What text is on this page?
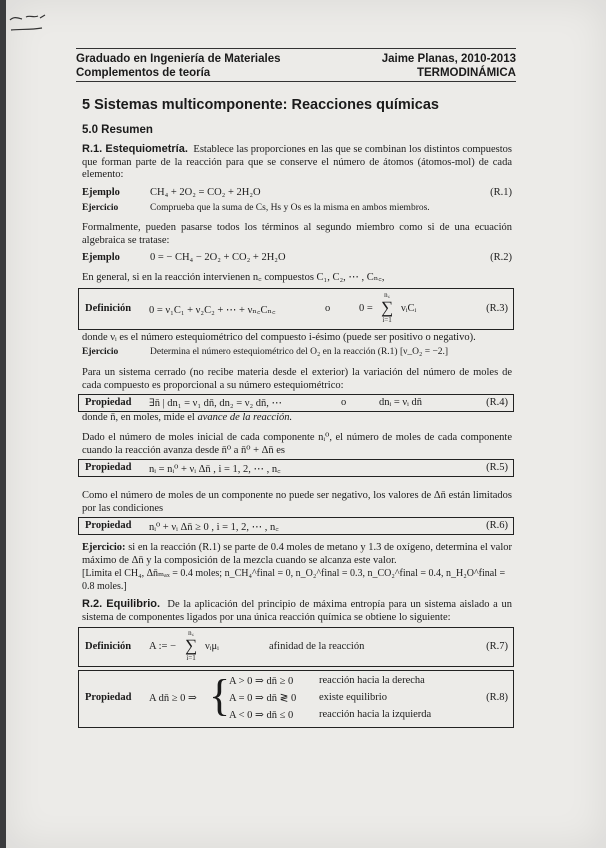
Graduado en Ingeniería de Materiales	Jaime Planas, 2010-2013
Complementos de teoría	TERMODINÁMICA
5 Sistemas multicomponente: Reacciones químicas
5.0 Resumen
R.1. Estequiometría. Establece las proporciones en las que se combinan los distintos compuestos que forman parte de la reacción para que se conserve el número de átomos (átomos-mol) de cada elemento:
Ejemplo	CH₄ + 2O₂ = CO₂ + 2H₂O	(R.1)
Ejercicio	Comprueba que la suma de Cs, Hs y Os es la misma en ambos miembros.
Formalmente, pueden pasarse todos los términos al segundo miembro como si de una ecuación algebraica se tratase:
Ejemplo	0 = − CH₄ − 2O₂ + CO₂ + 2H₂O	(R.2)
En general, si en la reacción intervienen n꜀ compuestos C₁, C₂, ⋯ , Cₙ꜀,
Definición 0 = ν₁C₁ + ν₂C₂ + ⋯ + νₙ꜀Cₙ꜀	o	0 =
n꜀
∑
i=1
νᵢCᵢ	(R.3)
donde νᵢ es el número estequiométrico del compuesto i-ésimo (puede ser positivo o negativo).
Ejercicio	Determina el número estequiométrico del O₂ en la reacción (R.1) [ν_O₂ = −2.]
Para un sistema cerrado (no recibe materia desde el exterior) la variación del número de moles de cada compuesto es proporcional a su número estequiométrico:
Propiedad ∃n̄ | dn₁ = ν₁ dn̄, dn₂ = ν₂ dn̄, ⋯	o	dnᵢ = νᵢ dn̄	(R.4)
donde n̄, en moles, mide el avance de la reacción.
Dado el número de moles inicial de cada componente nᵢ⁰, el número de moles de cada componente cuando la reacción avanza desde n̄⁰ a n̄⁰ + Δn̄ es
Propiedad nᵢ = nᵢ⁰ + νᵢ Δn̄ , i = 1, 2, ⋯ , n꜀	(R.5)
Como el número de moles de un componente no puede ser negativo, los valores de Δn̄ están limitados por las condiciones
Propiedad nᵢ⁰ + νᵢ Δn̄ ≥ 0 , i = 1, 2, ⋯ , n꜀	(R.6)
Ejercicio: si en la reacción (R.1) se parte de 0.4 moles de metano y 1.3 de oxígeno, determina el valor máximo de Δn̄ y la composición de la mezcla cuando se alcanza este valor.
[Limita el CH₄, Δn̄ₘₐₓ = 0.4 moles; n_CH₄^final = 0, n_O₂^final = 0.3, n_CO₂^final = 0.4, n_H₂O^final = 0.8 moles.]
R.2. Equilibrio. De la aplicación del principio de máxima entropía para un sistema aislado a un sistema de componentes ligados por una única reacción química se obtiene lo siguiente:
Definición A := −
n꜀
∑
i=1
νᵢμᵢ	afinidad de la reacción	(R.7)
Propiedad A dn̄ ≥ 0 ⇒ {
A > 0 ⇒ dn̄ ≥ 0 reacción hacia la derecha
A = 0 ⇒ dn̄ ≷ 0 existe equilibrio
A < 0 ⇒ dn̄ ≤ 0 reacción hacia la izquierda
(R.8)
